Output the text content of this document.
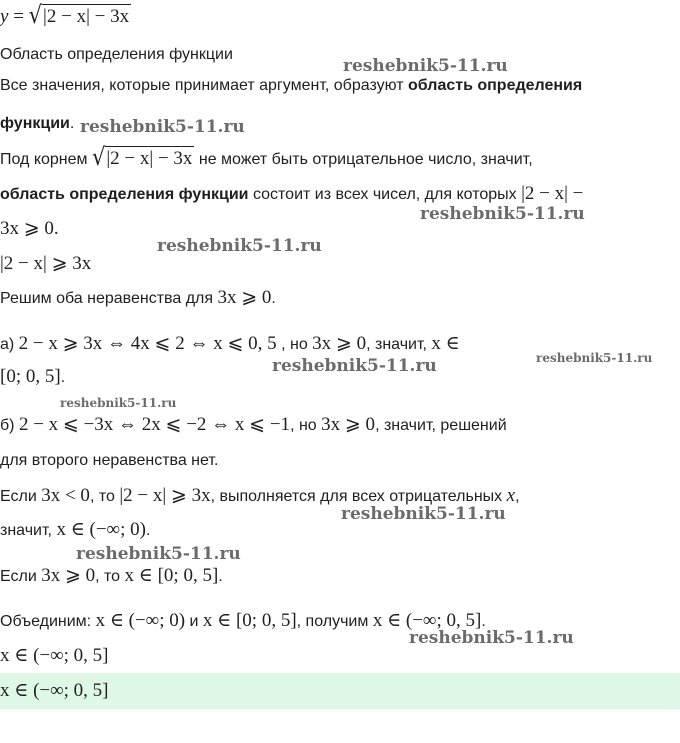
y = √|2 − x| − 3x
Область определения функции
Все значения, которые принимает аргумент, образуют область определения
функции.
Под корнем √|2 − x| − 3x не может быть отрицательное число, значит,
область определения функции состоит из всех чисел, для которых |2 − x| −
3x ⩾ 0.
|2 − x| ⩾ 3x
Решим оба неравенства для 3x ⩾ 0.
а) 2 − x ⩾ 3x ⇔ 4x ⩽ 2 ⇔ x ⩽ 0, 5 , но 3x ⩾ 0, значит, x ∈
[0; 0, 5].
б) 2 − x ⩽ −3x ⇔ 2x ⩽ −2 ⇔ x ⩽ −1, но 3x ⩾ 0, значит, решений
для второго неравенства нет.
Если 3x < 0, то |2 − x| ⩾ 3x, выполняется для всех отрицательных x,
значит, x ∈ (−∞; 0).
Если 3x ⩾ 0, то x ∈ [0; 0, 5].
Объединим: x ∈ (−∞; 0) и x ∈ [0; 0, 5], получим x ∈ (−∞; 0, 5].
x ∈ (−∞; 0, 5]
x ∈ (−∞; 0, 5]
reshebnik5-11.ru
reshebnik5-11.ru
reshebnik5-11.ru
reshebnik5-11.ru
reshebnik5-11.ru
reshebnik5-11.ru
reshebnik5-11.ru
reshebnik5-11.ru
reshebnik5-11.ru
reshebnik5-11.ru
